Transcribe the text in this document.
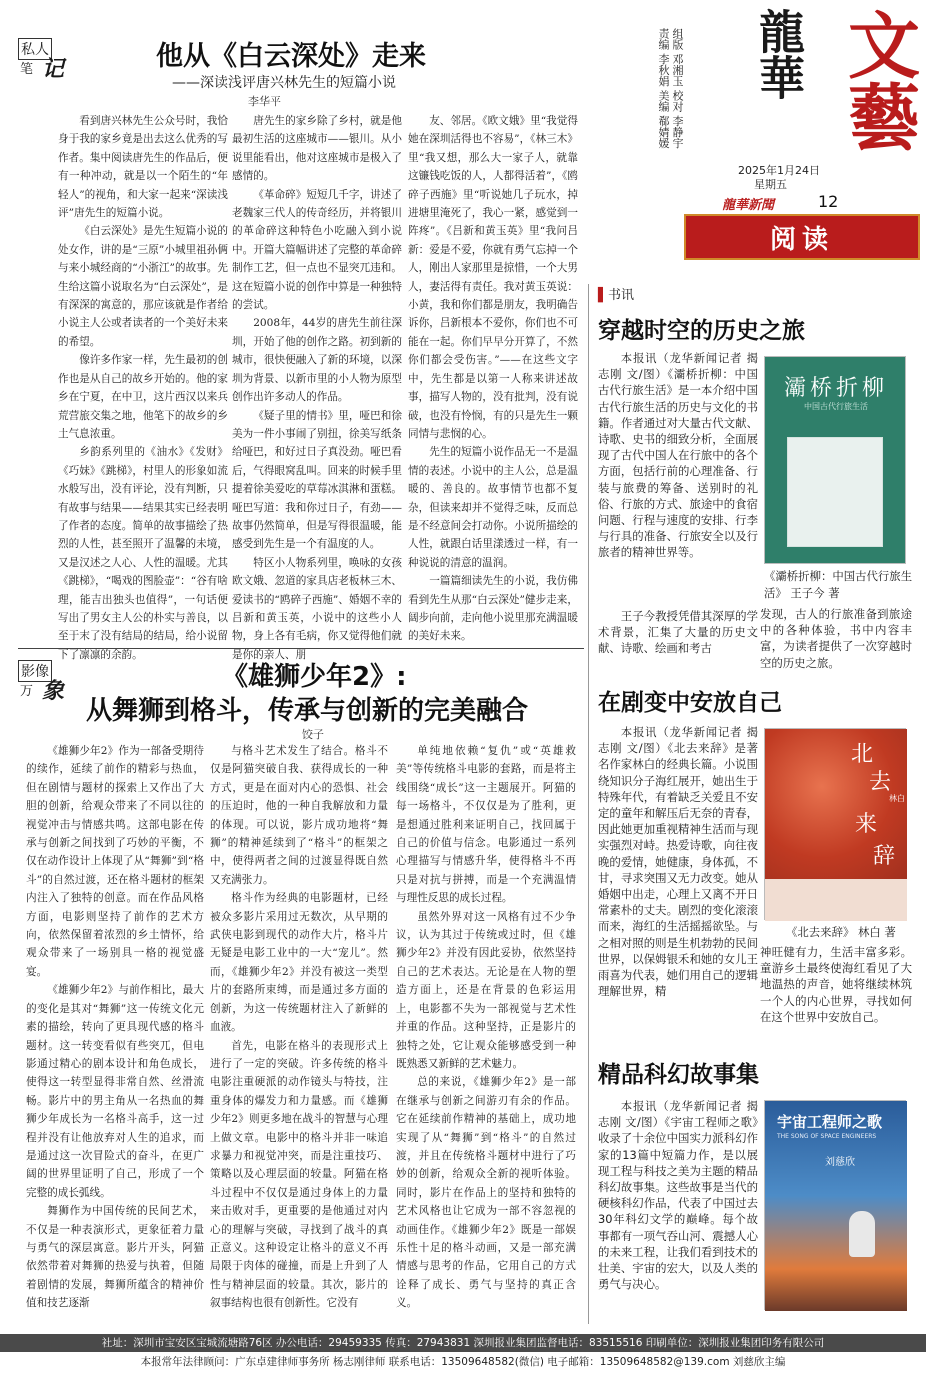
龍華 文藝
组版 邓湘玉 校对 李静宇
责编 李秋娟 美编 郗婧媛
2025年1月24日
星期五
龍華新聞	12
阅读
私人
笔 记	他从《白云深处》走来
——深读浅评唐兴林先生的短篇小说
李华平

看到唐兴林先生公众号时，我恰身于我的家乡竟是出去这么优秀的写作者。集中阅读唐先生的作品后，便有一种冲动，就是以一个陌生的“年轻人”的视角，和大家一起来“深读浅评”唐先生的短篇小说。

《白云深处》是先生短篇小说的处女作，讲的是“三原”小城里祖孙俩与来小城经商的“小浙江”的故事。先生给这篇小说取名为“白云深处”，是有深深的寓意的，那应该就是作者给小说主人公或者读者的一个美好未来的希望。

像许多作家一样，先生最初的创作也是从自己的故乡开始的。他的家乡在宁夏，在中卫，这片西汉以来兵荒营旅交集之地，他笔下的故乡的乡土气息浓重。

乡韵系列里的《油水》《发财》《巧妹》《跳梯》，村里人的形象如流水般写出，没有评论，没有判断，只有故事与结果——结果其实已经表明了作者的态度。简单的故事描绘了热烈的人性，甚至照开了温馨的未境，又是汉述之人心、人性的温暖。尤其《跳梯》，“喝戏的图脸壶”：“谷有啥理，能吉出独头也值得”，一句话便写出了男女主人公的朴实与善良，以至于末了没有结局的结局，给小说留下了凛凛的余韵。

唐先生的家乡除了乡村，就是他最初生活的这座城市——银川。从小说里能看出，他对这座城市是极入了感情的。

《革命碎》短短几千字，讲述了老魏家三代人的传奇经历，并将银川的革命碎这种特色小吃融入到小说中。开篇大篇幅讲述了完整的革命碎制作工艺，但一点也不显突兀违和。这在短篇小说的创作中算是一种独特的尝试。

2008年，44岁的唐先生前往深圳，开始了他的创作之路。初到新的城市，很快便融入了新的环境，以深圳为背景、以新市里的小人物为原型创作出许多动人的作品。

《疑子里的情书》里，哑巴和徐美为一件小事闹了别扭，徐美写纸条给哑巴，和好过日子真没劲。哑巴看后，气得眼窝乱叫。回来的时候手里提着徐美爱吃的草莓冰淇淋和蛋糕。哑巴写道：我和你过日子，有劲——故事仍然简单，但是写得很温暖，能感受到先生是一个有温度的人。

特区小人物系列里，唤咏的女孩欧文娥、忽道的家具店老板林三木、爱读书的“鸥碎子西施”、婚姻不幸的吕新和黄玉英，小说中的这些小人物，身上各有毛病，你又觉得他们就是你的亲人、朋

友、邻居。《欧文娥》里“我觉得她在深圳活得也不容易”，《林三木》里“我又想，那么大一家子人，就靠这镰钱吃饭的人，人都得活着”，《鸥碎子西施》里“听说她几子玩水，掉进塘里淹死了，我心一紧，感觉到一阵疼”。《吕新和黄玉英》里“我问吕新：爱是不爱，你就有勇气忘掉一个人，刚出人家那里是掠惜，一个大男人，妻活得有责任。我对黄玉英说：小黄，我和你们都是朋友，我明确告诉你，吕新根本不爱你，你们也不可能在一起。你们早早分开算了，不然你们都会受伤害。”——在这些文字中，先生都是以第一人称来讲述故事，描写人物的，没有批判，没有说破，也没有怜悯，有的只是先生一颗同情与悲悯的心。

先生的短篇小说作品无一不是温情的表述。小说中的主人公，总是温暖的、善良的。故事情节也都不复杂，但读来却并不觉得乏味，反而总是不经意间会打动你。小说所描绘的人性，就跟白话里漾透过一样，有一种说说的清意的温润。

一篇篇细读先生的小说，我仿佛看到先生从那“白云深处”健步走来，阔步向前，走向他小说里那充满温暖的美好未来。

影像
万 象	《雄狮少年2》:
从舞狮到格斗，传承与创新的完美融合
饺子

《雄狮少年2》作为一部备受期待的续作，延续了前作的精彩与热血，但在剧情与题材的探索上又作出了大胆的创新，给观众带来了不同以往的视觉冲击与情感共鸣。这部电影在传承与创新之间找到了巧妙的平衡，不仅在动作设计上体现了从“舞狮”到“格斗”的自然过渡，还在格斗题材的框架内注入了独特的创意。而在作品风格方面，电影则坚持了前作的艺术方向，依然保留着浓烈的乡土情怀，给观众带来了一场别具一格的视觉盛宴。

《雄狮少年2》与前作相比，最大的变化是其对“舞狮”这一传统文化元素的描绘，转向了更具现代感的格斗题材。这一转变看似有些突兀，但电影通过精心的剧本设计和角色成长，使得这一转型显得非常自然、丝滑流畅。影片中的男主角从一名热血的舞狮少年成长为一名格斗高手，这一过程并没有让他放弃对人生的追求，而是通过这一次冒险式的奋斗，在更广阔的世界里证明了自己，形成了一个完整的成长弧线。

舞狮作为中国传统的民间艺术，不仅是一种表演形式，更象征着力量与勇气的深层寓意。影片开头，阿猫依然带着对舞狮的热爱与执着，但随着剧情的发展，舞狮所蕴含的精神价值和技艺逐渐

与格斗艺术发生了结合。格斗不仅是阿猫突破自我、获得成长的一种方式，更是在面对内心的恐惧、社会的压迫时，他的一种自我解放和力量的体现。可以说，影片成功地将“舞狮”的精神延续到了“格斗”的框架之中，使得两者之间的过渡显得既自然又充满张力。

格斗作为经典的电影题材，已经被众多影片采用过无数次，从早期的武侠电影到现代的动作大片，格斗片无疑是电影工业中的一大“宠儿”。然而，《雄狮少年2》并没有被这一类型片的套路所束缚，而是通过多方面的创新，为这一传统题材注入了新鲜的血液。

首先，电影在格斗的表现形式上进行了一定的突破。许多传统的格斗电影注重硬派的动作镜头与特技，注重身体的爆发力和力量感。而《雄狮少年2》则更多地在战斗的智慧与心理上做文章。电影中的格斗并非一味追求暴力和视觉冲突，而是注重技巧、策略以及心理层面的较量。阿猫在格斗过程中不仅仅是通过身体上的力量来击败对手，更重要的是他通过对内心的理解与突破，寻找到了战斗的真正意义。这种设定让格斗的意义不再局限于肉体的碰撞，而是上升到了人性与精神层面的较量。其次，影片的叙事结构也很有创新性。它没有

单纯地依赖“复仇”或“英雄救美”等传统格斗电影的套路，而是将主线围绕“成长”这一主题展开。阿猫的每一场格斗，不仅仅是为了胜利，更是想通过胜利来证明自己，找回属于自己的价值与信念。电影通过一系列心理描写与情感升华，使得格斗不再只是对抗与拼搏，而是一个充满温情与理性反思的成长过程。

虽然外界对这一风格有过不少争议，认为其过于传统或过时，但《雄狮少年2》并没有因此妥协，依然坚持自己的艺术表达。无论是在人物的塑造方面上，还是在背景的色彩运用上，电影都不失为一部视觉与艺术性并重的作品。这种坚持，正是影片的独特之处，它让观众能够感受到一种既熟悉又新鲜的艺术魅力。

总的来说，《雄狮少年2》是一部在继承与创新之间游刃有余的作品。它在延续前作精神的基础上，成功地实现了从“舞狮”到“格斗”的自然过渡，并且在传统格斗题材中进行了巧妙的创新，给观众全新的视听体验。同时，影片在作品上的坚持和独特的艺术风格也让它成为一部不容忽视的动画佳作。《雄狮少年2》既是一部娱乐性十足的格斗动画，又是一部充满情感与思考的作品，它用自己的方式诠释了成长、勇气与坚持的真正含义。

▌书讯
穿越时空的历史之旅

本报讯（龙华新闻记者 揭志刚 文/图）《灞桥折柳：中国古代行旅生活》是一本介绍中国古代行旅生活的历史与文化的书籍。作者通过对大量古代文献、诗歌、史书的细致分析，全面展现了古代中国人在行旅中的各个方面，包括行前的心理准备、行装与旅费的筹备、送别时的礼俗、行旅的方式、旅途中的食宿问题、行程与速度的安排、行李与行具的准备、行旅安全以及行旅者的精神世界等。

王子今教授凭借其深厚的学术背景，汇集了大量的历史文献、诗歌、绘画和考古

灞桥折柳
中国古代行旅生活
《灞桥折柳：中国古代行旅生活》 王子今 著

发现，古人的行旅准备到旅途中的各种体验，书中内容丰富，为读者提供了一次穿越时空的历史之旅。

在剧变中安放自己

本报讯（龙华新闻记者 揭志刚 文/图）《北去来辞》是著名作家林白的经典长篇。小说围绕知识分子海红展开，她出生于特殊年代，有着缺乏关爱且不安定的童年和解压后无奈的青春，因此她更加重视精神生活而与现实强烈对峙。热爱诗歌，向往夜晚的爱情，她健康，身体孤，不甘，寻求突围又无力改变。她从婚姻中出走，心理上又离不开日常素朴的丈夫。剧烈的变化滚滚而来，海红的生活摇摇欲坠。与之相对照的则是生机勃勃的民间世界，以保姆银禾和她的女儿王雨喜为代表，她们用自己的逻辑理解世界，精

北
去
林白
来
辞
《北去来辞》 林白 著

神旺健有力，生活丰富多彩。童游乡土最终使海红看见了大地温热的声音，她将继续林筑一个人的内心世界，寻找如何在这个世界中安放自己。

精品科幻故事集

本报讯（龙华新闻记者 揭志刚 文/图）《宇宙工程师之歌》收录了十余位中国实力派科幻作家的13篇中短篇力作，是以展现工程与科技之美为主题的精品科幻故事集。这些故事是当代的硬核科幻作品，代表了中国过去30年科幻文学的巅峰。每个故事都有一项气吞山河、震撼人心的未来工程，让我们看到技术的壮美、宇宙的宏大，以及人类的勇气与决心。

宇宙工程师之歌
THE SONG OF SPACE ENGINEERS
刘慈欣
社址：深圳市宝安区宝城流塘路76区 办公电话：29459335 传真：27943831 深圳报业集团监督电话：83515516 印刷单位：深圳报业集团印务有限公司
本报常年法律顾问：广东卓建律师事务所 杨志刚律师 联系电话：13509648582(微信) 电子邮箱：13509648582@139.com 刘慈欣主编
